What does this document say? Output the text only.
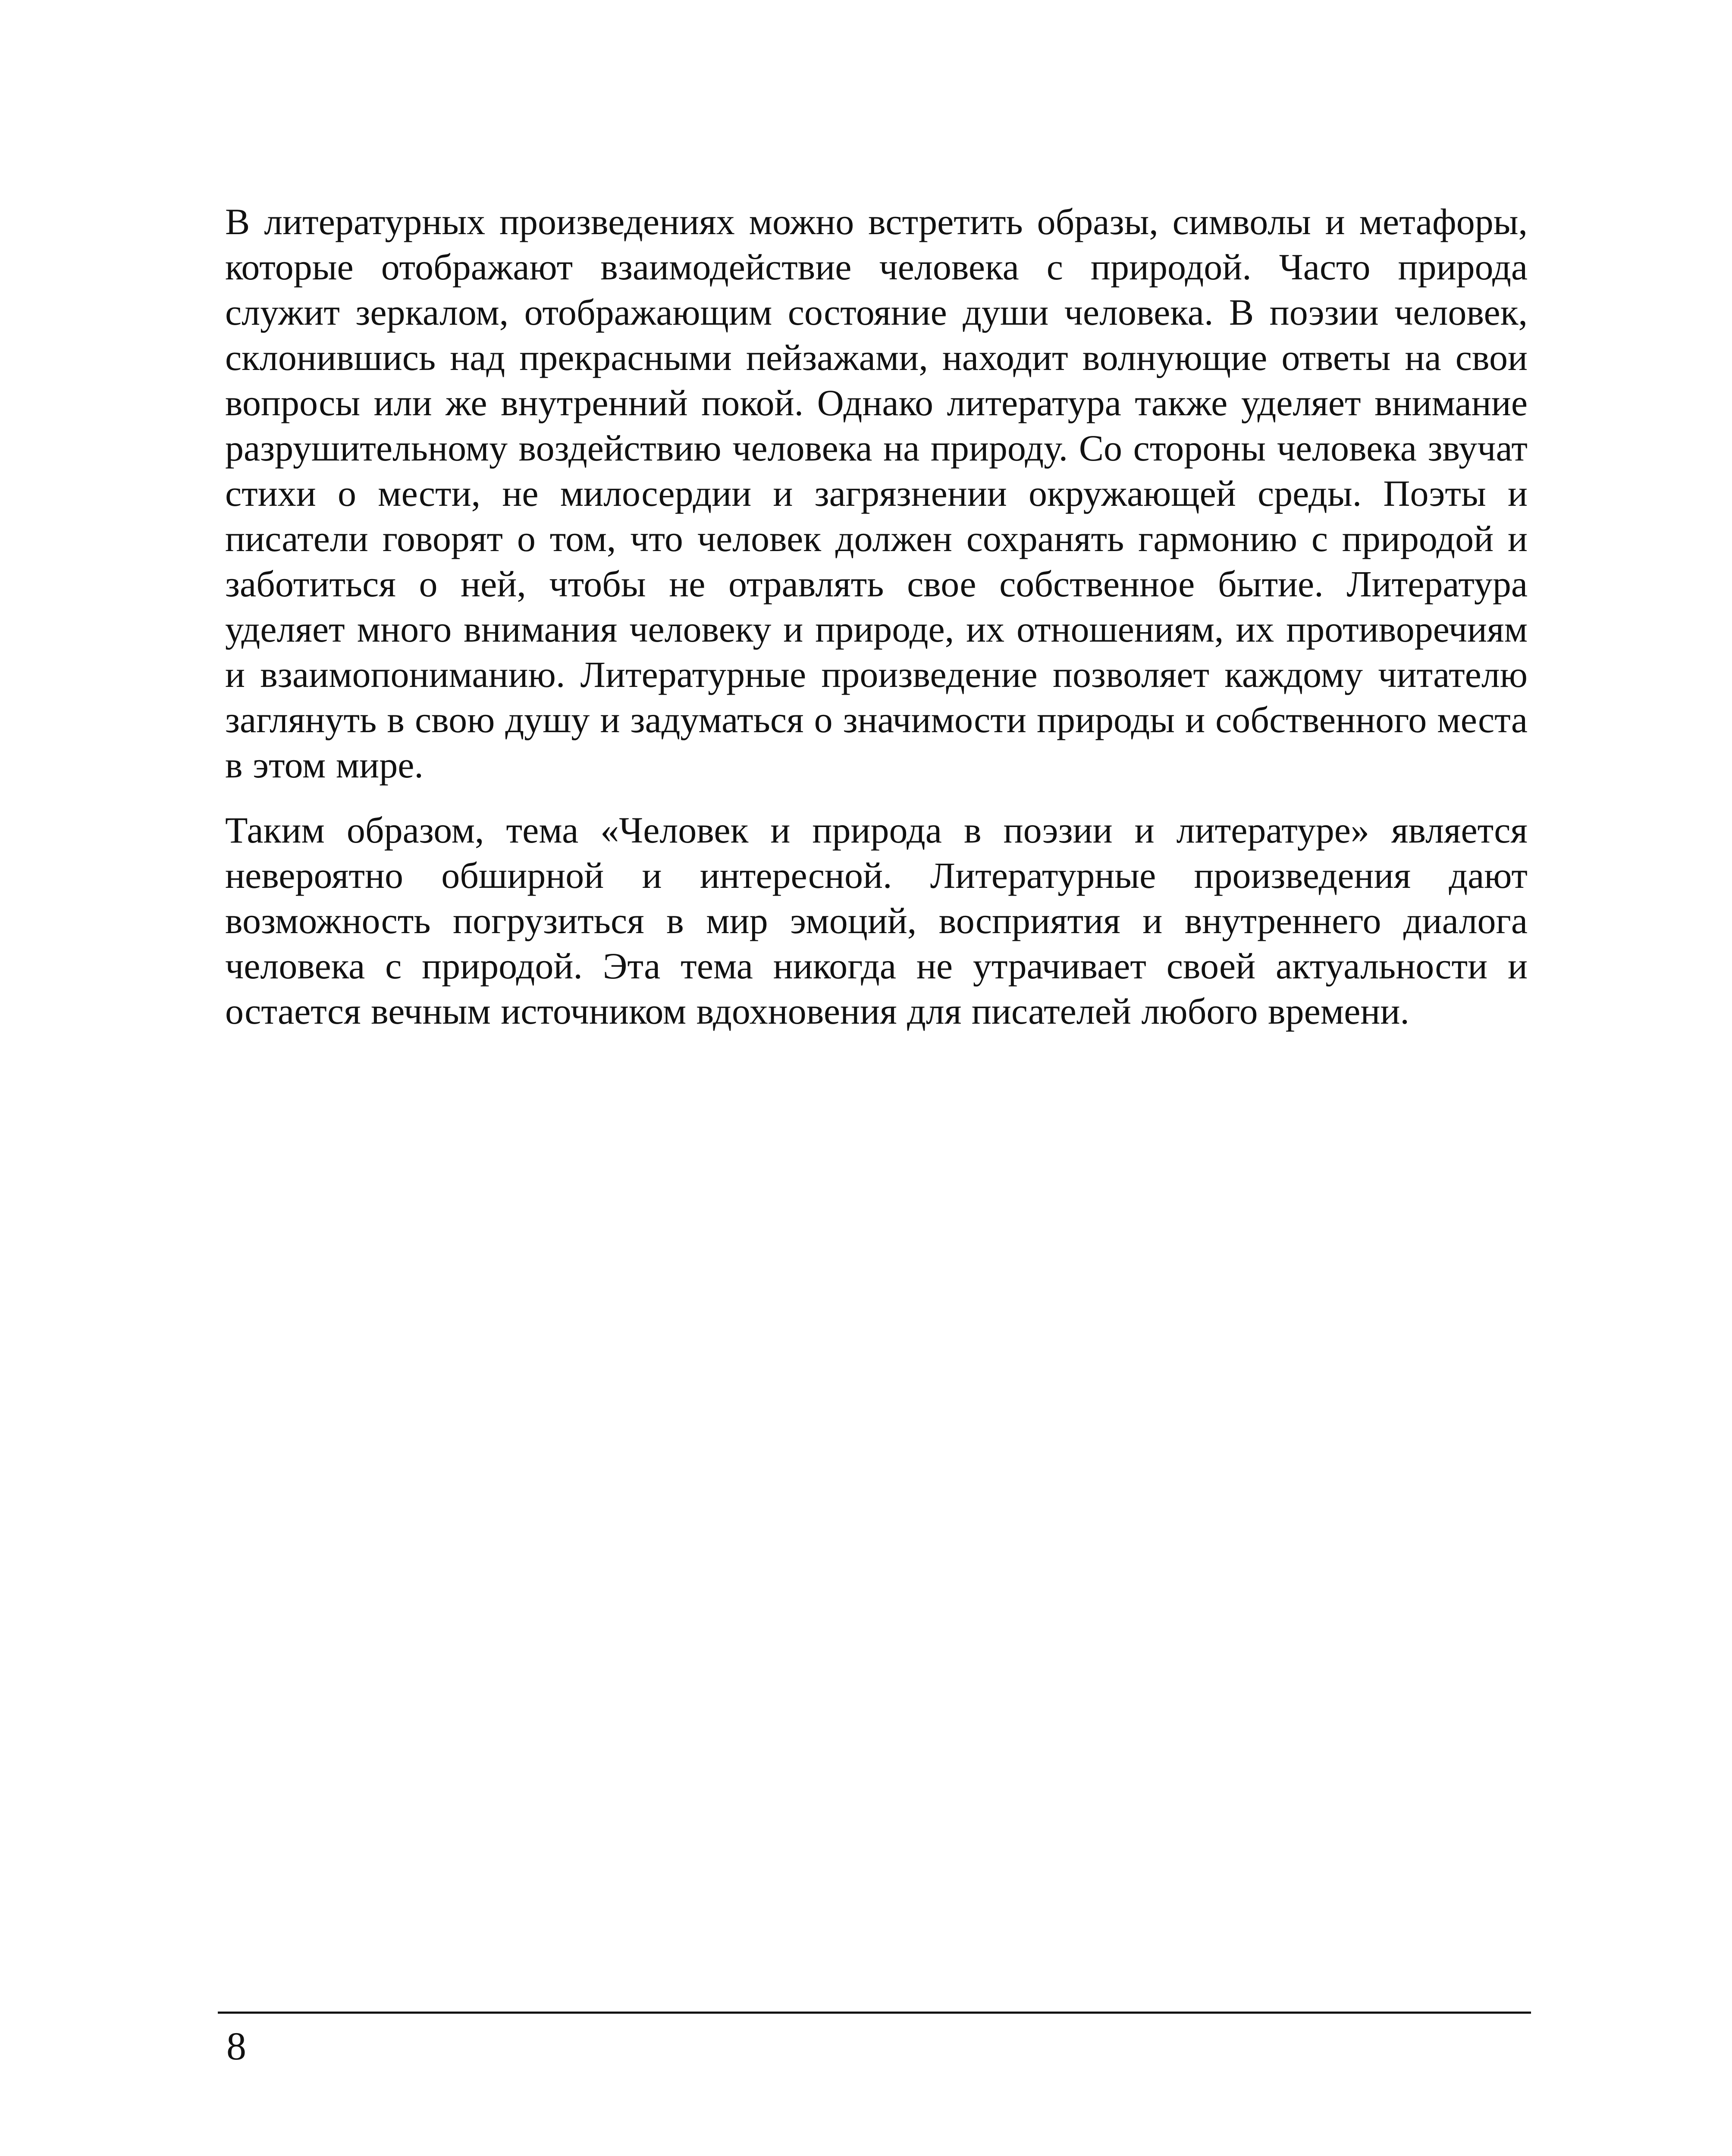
В литературных произведениях можно встретить образы, символы и метафоры, которые отображают взаимодействие человека с природой. Часто природа служит зеркалом, отображающим состояние души человека. В поэзии человек, склонившись над прекрасными пейзажами, находит волнующие ответы на свои вопросы или же внутренний покой. Однако литература также уделяет внимание разрушительному воздействию человека на природу. Со стороны человека звучат стихи о мести, не милосердии и загрязнении окружающей среды. Поэты и писатели говорят о том, что человек должен сохранять гармонию с природой и заботиться о ней, чтобы не отравлять свое собственное бытие. Литература уделяет много внимания человеку и природе, их отношениям, их противоречиям и взаимопониманию. Литературные произведение позволяет каждому читателю заглянуть в свою душу и задуматься о значимости природы и собственного места в этом мире.

Таким образом, тема «Человек и природа в поэзии и литературе» является невероятно обширной и интересной. Литературные произведения дают возможность погрузиться в мир эмоций, восприятия и внутреннего диалога человека с природой. Эта тема никогда не утрачивает своей актуальности и остается вечным источником вдохновения для писателей любого времени.

8
